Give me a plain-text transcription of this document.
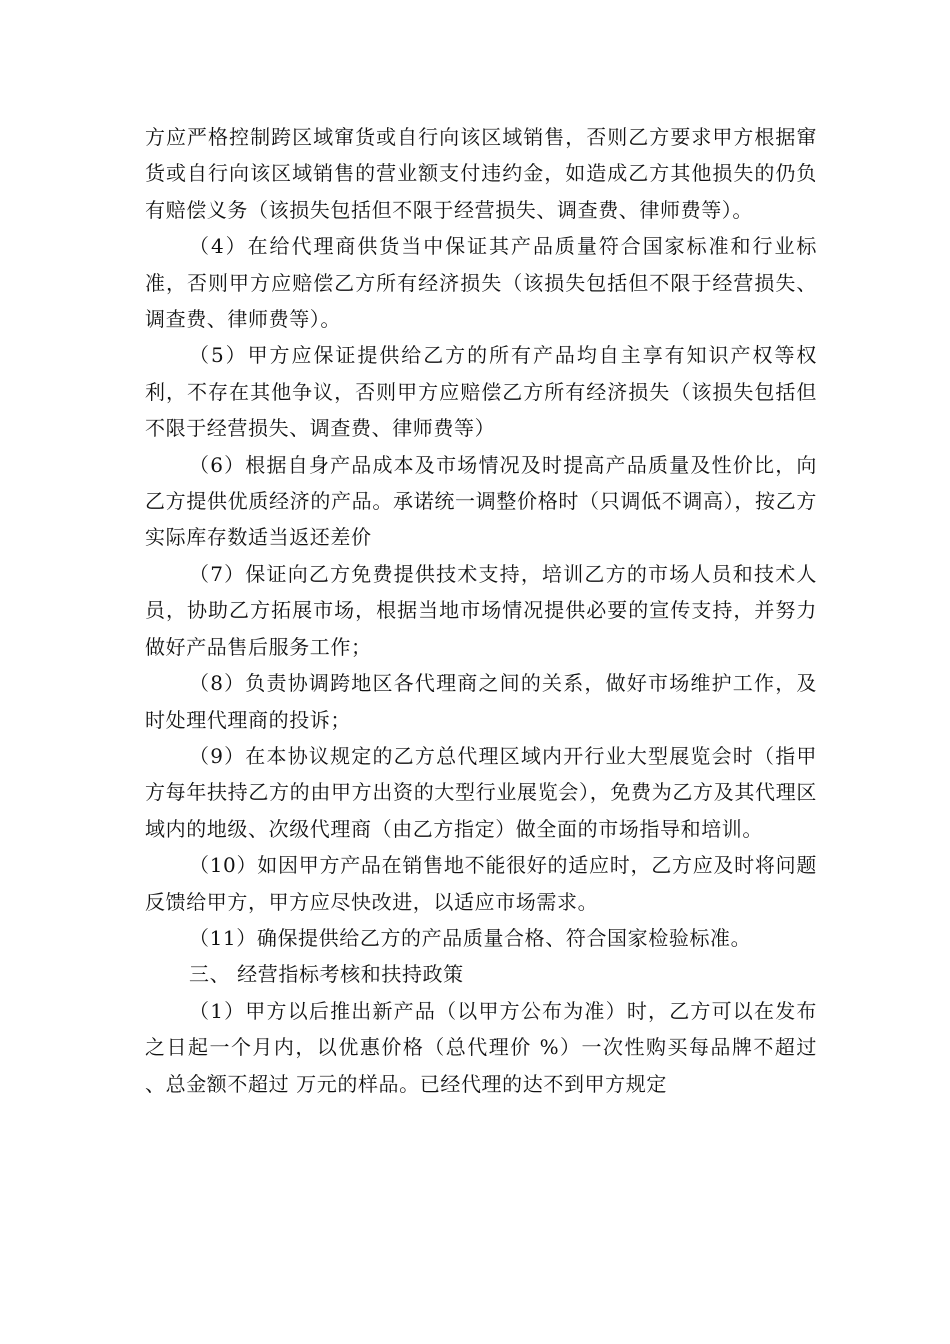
方应严格控制跨区域窜货或自行向该区域销售，否则乙方要求甲方根据窜货或自行向该区域销售的营业额支付违约金，如造成乙方其他损失的仍负有赔偿义务（该损失包括但不限于经营损失、调查费、律师费等）。

（4）在给代理商供货当中保证其产品质量符合国家标准和行业标准，否则甲方应赔偿乙方所有经济损失（该损失包括但不限于经营损失、调查费、律师费等）。

（5）甲方应保证提供给乙方的所有产品均自主享有知识产权等权利，不存在其他争议，否则甲方应赔偿乙方所有经济损失（该损失包括但不限于经营损失、调查费、律师费等）

（6）根据自身产品成本及市场情况及时提高产品质量及性价比，向乙方提供优质经济的产品。承诺统一调整价格时（只调低不调高），按乙方实际库存数适当返还差价

（7）保证向乙方免费提供技术支持，培训乙方的市场人员和技术人员，协助乙方拓展市场，根据当地市场情况提供必要的宣传支持，并努力做好产品售后服务工作；

（8）负责协调跨地区各代理商之间的关系，做好市场维护工作，及时处理代理商的投诉；

（9）在本协议规定的乙方总代理区域内开行业大型展览会时（指甲方每年扶持乙方的由甲方出资的大型行业展览会），免费为乙方及其代理区域内的地级、次级代理商（由乙方指定）做全面的市场指导和培训。

（10）如因甲方产品在销售地不能很好的适应时，乙方应及时将问题反馈给甲方，甲方应尽快改进，以适应市场需求。

（11）确保提供给乙方的产品质量合格、符合国家检验标准。

三、 经营指标考核和扶持政策

（1）甲方以后推出新产品（以甲方公布为准）时，乙方可以在发布之日起一个月内，以优惠价格（总代理价 %）一次性购买每品牌不超过 、总金额不超过 万元的样品。已经代理的达不到甲方规定
